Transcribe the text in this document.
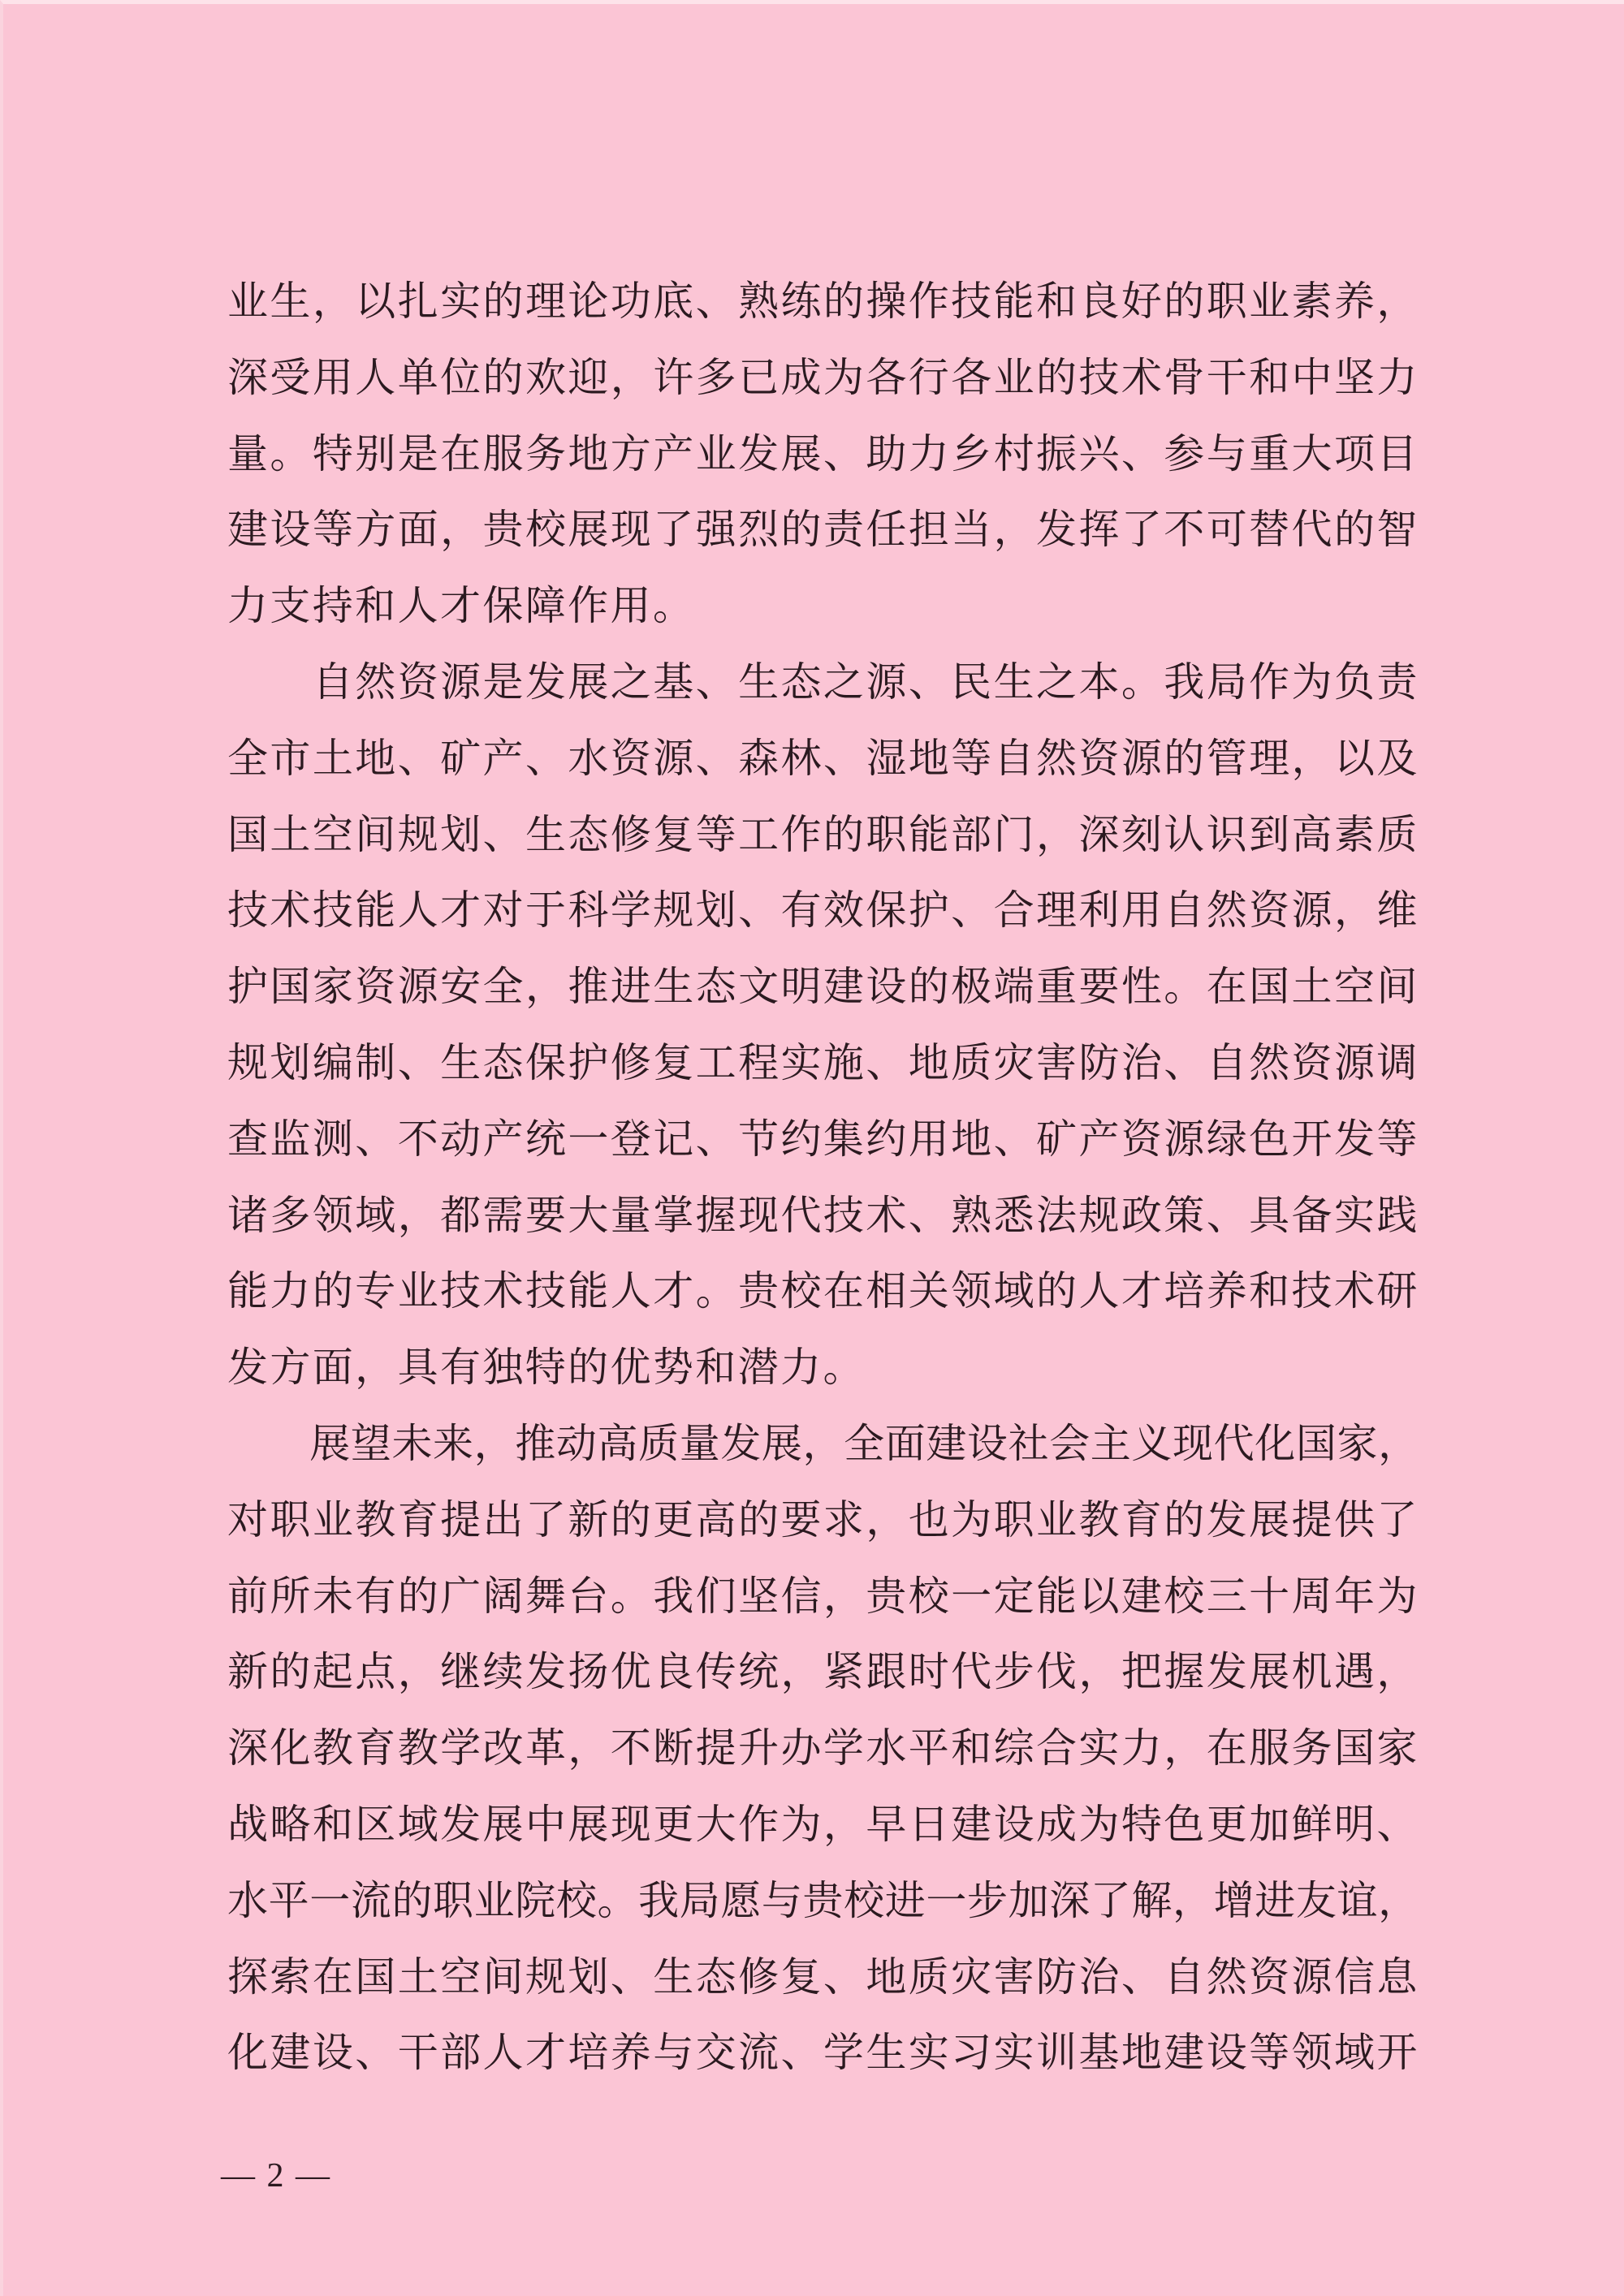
业 生 ， 以 扎 实 的 理 论 功 底 、 熟 练 的 操 作 技 能 和 良 好 的 职 业 素 养 ，
深 受 用 人 单 位 的 欢 迎 ， 许 多 已 成 为 各 行 各 业 的 技 术 骨 干 和 中 坚 力
量 。 特 别 是 在 服 务 地 方 产 业 发 展 、 助 力 乡 村 振 兴 、 参 与 重 大 项 目
建 设 等 方 面 ， 贵 校 展 现 了 强 烈 的 责 任 担 当 ， 发 挥 了 不 可 替 代 的 智
力 支 持 和 人 才 保 障 作 用 。

自 然 资 源 是 发 展 之 基 、 生 态 之 源 、 民 生 之 本 。 我 局 作 为 负 责
全 市 土 地 、 矿 产 、 水 资 源 、 森 林 、 湿 地 等 自 然 资 源 的 管 理 ， 以 及
国 土 空 间 规 划 、 生 态 修 复 等 工 作 的 职 能 部 门 ， 深 刻 认 识 到 高 素 质
技 术 技 能 人 才 对 于 科 学 规 划 、 有 效 保 护 、 合 理 利 用 自 然 资 源 ， 维
护 国 家 资 源 安 全 ， 推 进 生 态 文 明 建 设 的 极 端 重 要 性 。 在 国 土 空 间
规 划 编 制 、 生 态 保 护 修 复 工 程 实 施 、 地 质 灾 害 防 治 、 自 然 资 源 调
查 监 测 、 不 动 产 统 一 登 记 、 节 约 集 约 用 地 、 矿 产 资 源 绿 色 开 发 等
诸 多 领 域 ， 都 需 要 大 量 掌 握 现 代 技 术 、 熟 悉 法 规 政 策 、 具 备 实 践
能 力 的 专 业 技 术 技 能 人 才 。 贵 校 在 相 关 领 域 的 人 才 培 养 和 技 术 研
发 方 面 ， 具 有 独 特 的 优 势 和 潜 力 。

展 望 未 来 ， 推 动 高 质 量 发 展 ， 全 面 建 设 社 会 主 义 现 代 化 国 家 ，
对 职 业 教 育 提 出 了 新 的 更 高 的 要 求 ， 也 为 职 业 教 育 的 发 展 提 供 了
前 所 未 有 的 广 阔 舞 台 。 我 们 坚 信 ， 贵 校 一 定 能 以 建 校 三 十 周 年 为
新 的 起 点 ， 继 续 发 扬 优 良 传 统 ， 紧 跟 时 代 步 伐 ， 把 握 发 展 机 遇 ，
深 化 教 育 教 学 改 革 ， 不 断 提 升 办 学 水 平 和 综 合 实 力 ， 在 服 务 国 家
战 略 和 区 域 发 展 中 展 现 更 大 作 为 ， 早 日 建 设 成 为 特 色 更 加 鲜 明 、
水 平 一 流 的 职 业 院 校 。 我 局 愿 与 贵 校 进 一 步 加 深 了 解 ， 增 进 友 谊 ，
探 索 在 国 土 空 间 规 划 、 生 态 修 复 、 地 质 灾 害 防 治 、 自 然 资 源 信 息
化 建 设 、 干 部 人 才 培 养 与 交 流 、 学 生 实 习 实 训 基 地 建 设 等 领 域 开
— 2 —
